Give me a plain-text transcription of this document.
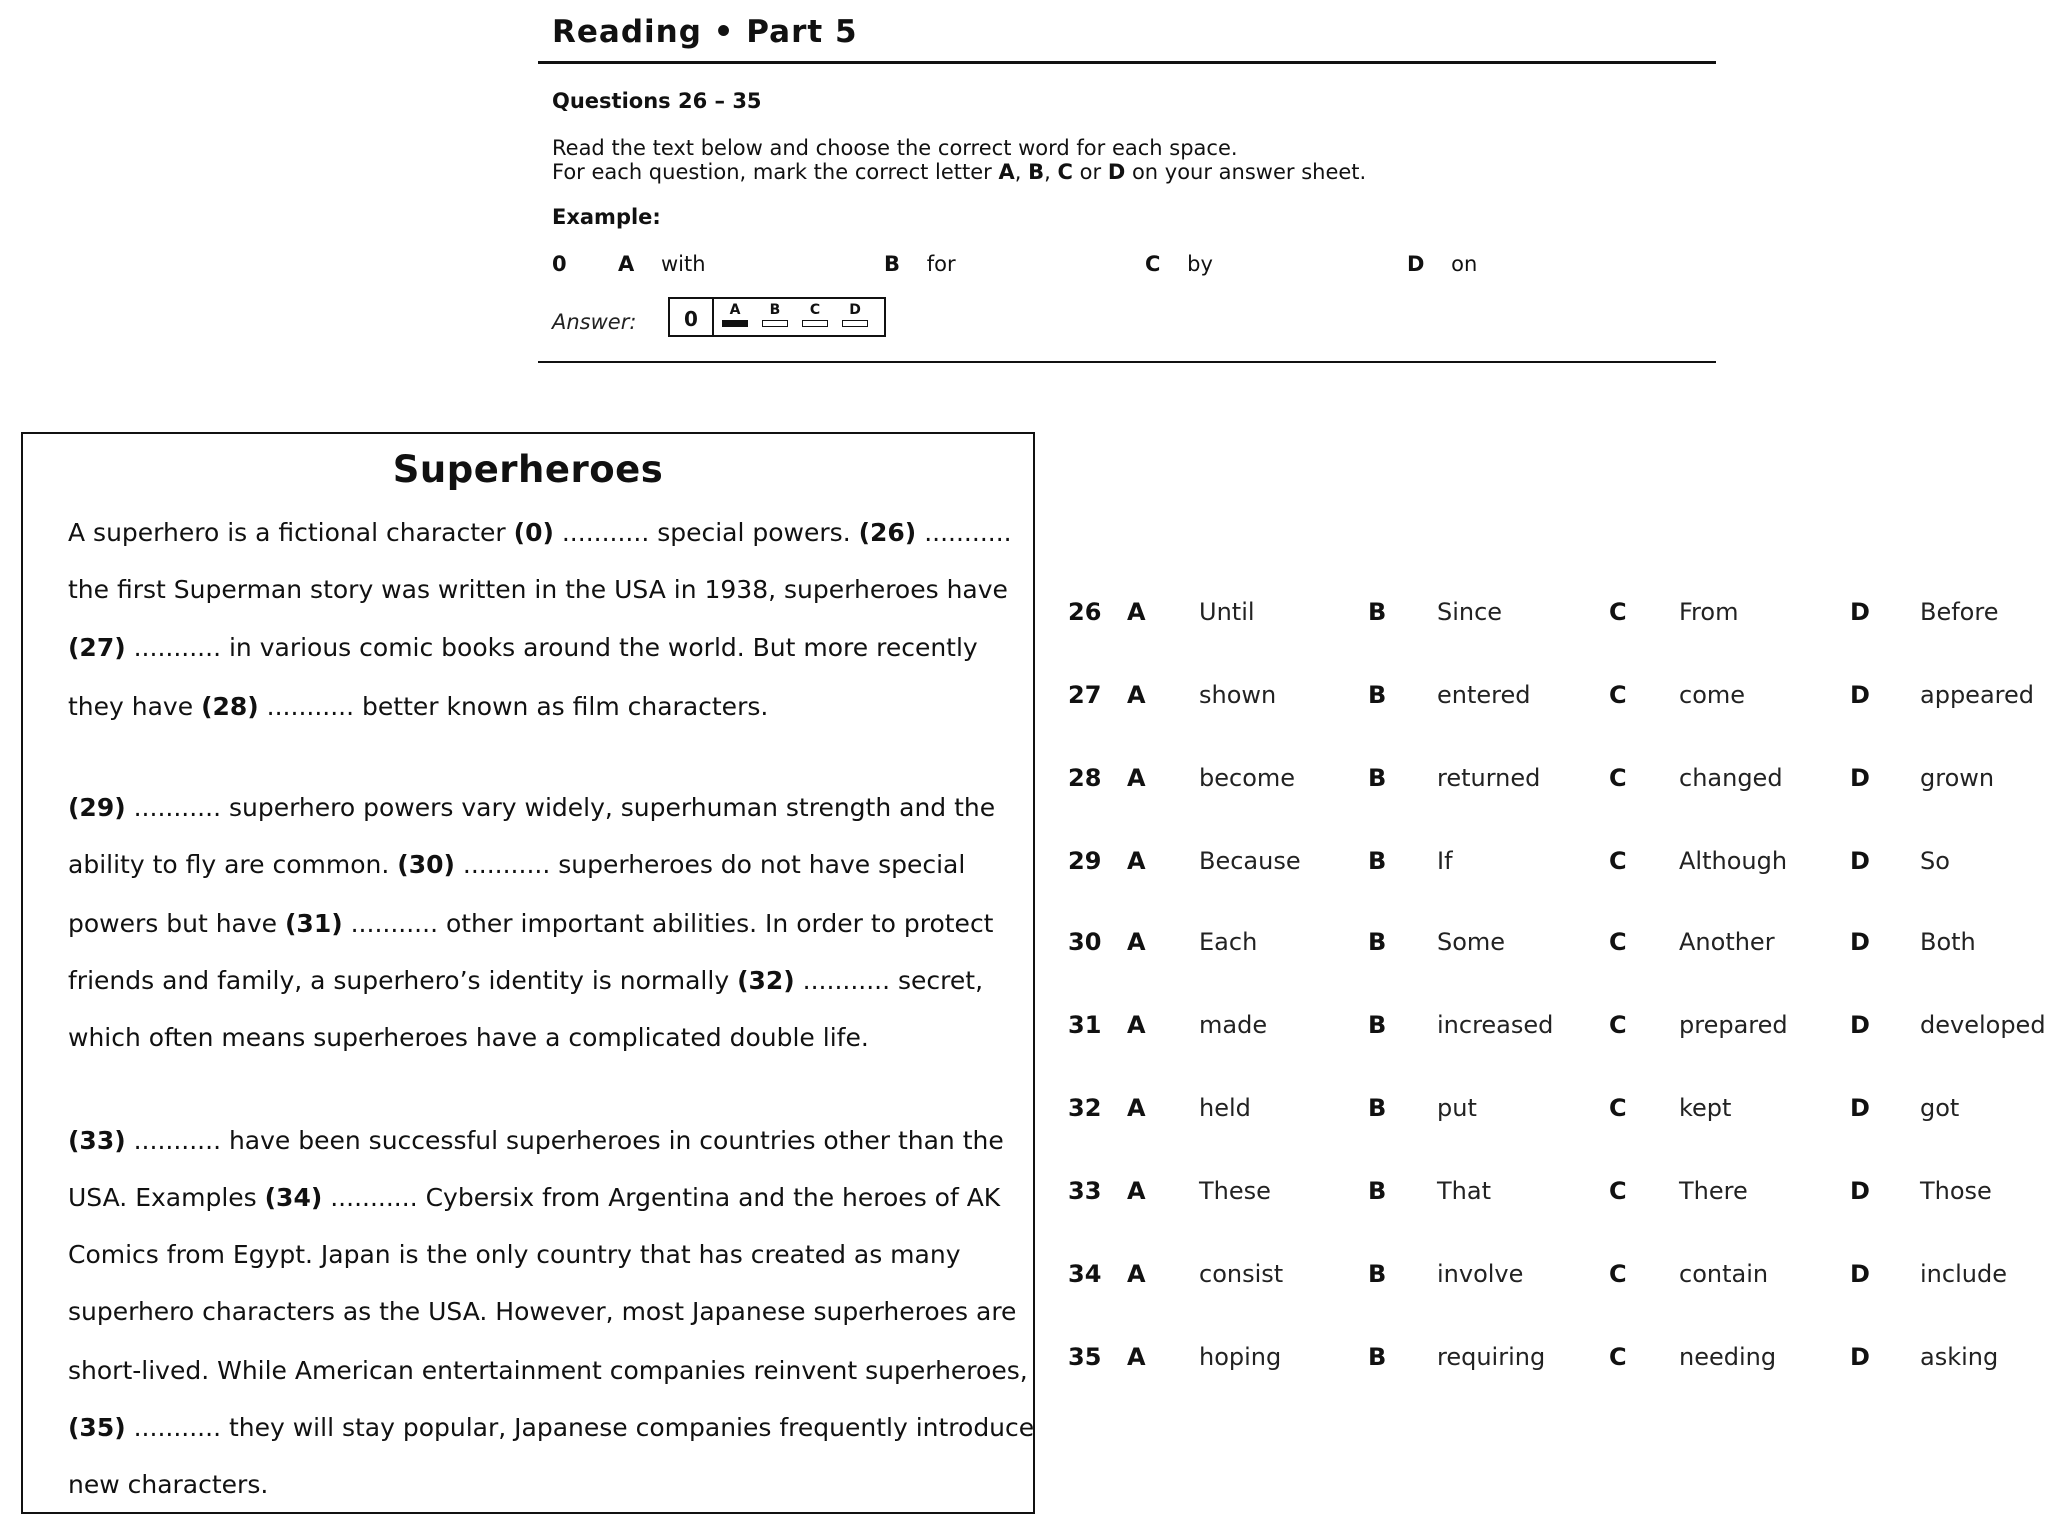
Reading • Part 5
Questions 26 – 35
Read the text below and choose the correct word for each space.
For each question, mark the correct letter A, B, C or D on your answer sheet.
Example:
0 A with	B for	C by	D on
Answer:	0	A	B	C	D
Superheroes
A superhero is a fictional character (0) ........... special powers. (26) ...........
the first Superman story was written in the USA in 1938, superheroes have
(27) ........... in various comic books around the world. But more recently
they have (28) ........... better known as film characters.
(29) ........... superhero powers vary widely, superhuman strength and the
ability to fly are common. (30) ........... superheroes do not have special
powers but have (31) ........... other important abilities. In order to protect
friends and family, a superhero’s identity is normally (32) ........... secret,
which often means superheroes have a complicated double life.
(33) ........... have been successful superheroes in countries other than the
USA. Examples (34) ........... Cybersix from Argentina and the heroes of AK
Comics from Egypt. Japan is the only country that has created as many
superhero characters as the USA. However, most Japanese superheroes are
short-lived. While American entertainment companies reinvent superheroes,
(35) ........... they will stay popular, Japanese companies frequently introduce
new characters.
26 A Until	B Since	C From	D Before
27 A shown	B entered	C come	D appeared
28 A become	B returned	C changed	D grown
29 A Because	B If	C Although	D So
30 A Each	B Some	C Another	D Both
31 A made	B increased C prepared	D developed
32 A held	B put	C kept	D got
33 A These	B That	C There	D Those
34 A consist	B involve	C contain	D include
35 A hoping	B requiring	C needing	D asking
